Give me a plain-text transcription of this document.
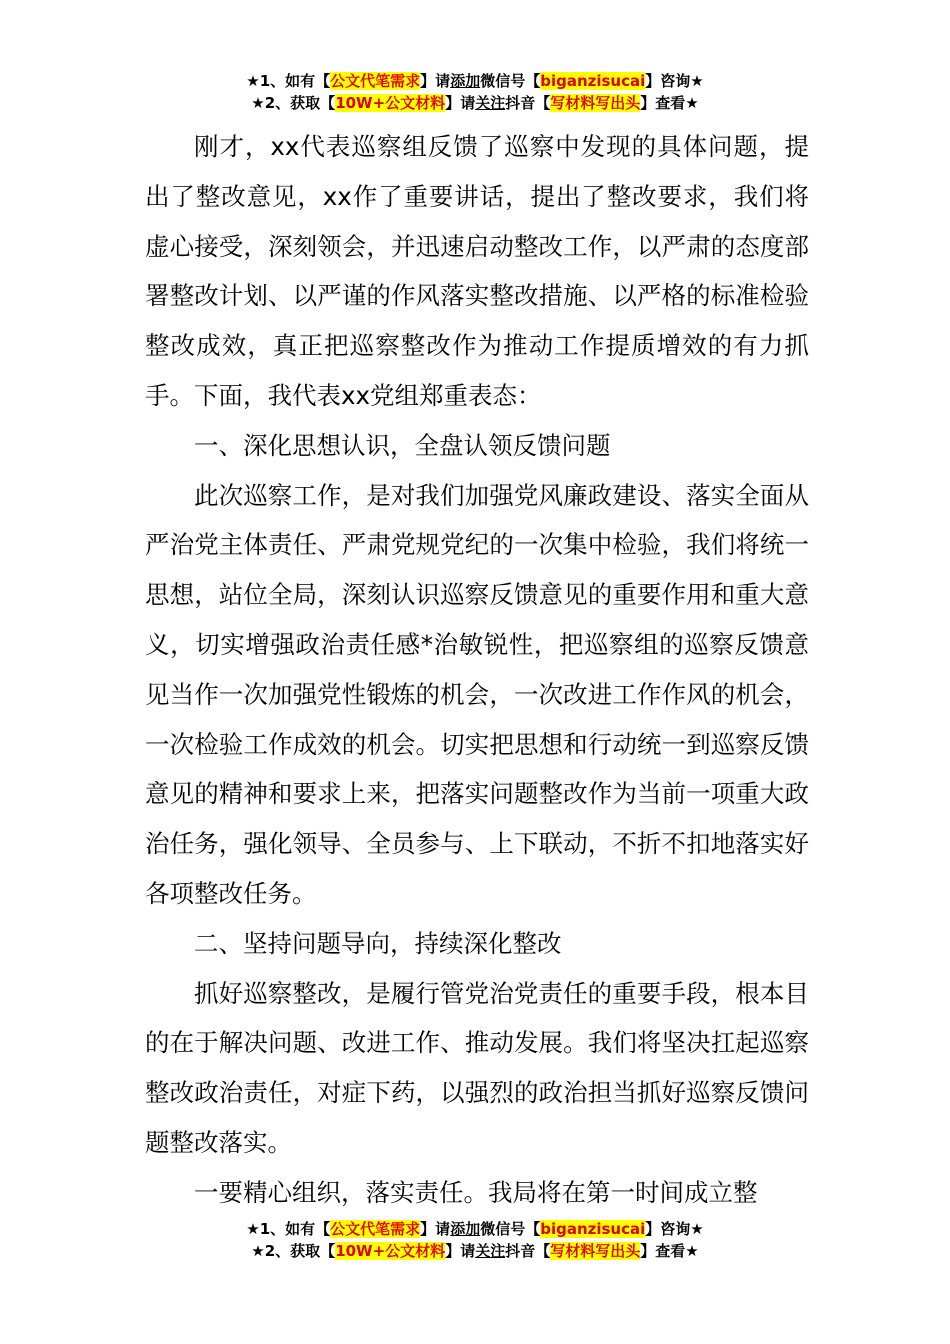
★1、如有【公文代笔需求】请添加微信号【biganzisucai】咨询★
★2、获取【10W+公文材料】请关注抖音【写材料写出头】查看★

刚才，xx代表巡察组反馈了巡察中发现的具体问题，提出了整改意见，xx作了重要讲话，提出了整改要求，我们将虚心接受，深刻领会，并迅速启动整改工作，以严肃的态度部署整改计划、以严谨的作风落实整改措施、以严格的标准检验整改成效，真正把巡察整改作为推动工作提质增效的有力抓手。下面，我代表xx党组郑重表态：

一、深化思想认识，全盘认领反馈问题

此次巡察工作，是对我们加强党风廉政建设、落实全面从严治党主体责任、严肃党规党纪的一次集中检验，我们将统一思想，站位全局，深刻认识巡察反馈意见的重要作用和重大意义，切实增强政治责任感*治敏锐性，把巡察组的巡察反馈意见当作一次加强党性锻炼的机会，一次改进工作作风的机会，一次检验工作成效的机会。切实把思想和行动统一到巡察反馈意见的精神和要求上来，把落实问题整改作为当前一项重大政治任务，强化领导、全员参与、上下联动，不折不扣地落实好各项整改任务。

二、坚持问题导向，持续深化整改

抓好巡察整改，是履行管党治党责任的重要手段，根本目的在于解决问题、改进工作、推动发展。我们将坚决扛起巡察整改政治责任，对症下药，以强烈的政治担当抓好巡察反馈问题整改落实。

一要精心组织，落实责任。我局将在第一时间成立整

★1、如有【公文代笔需求】请添加微信号【biganzisucai】咨询★
★2、获取【10W+公文材料】请关注抖音【写材料写出头】查看★
